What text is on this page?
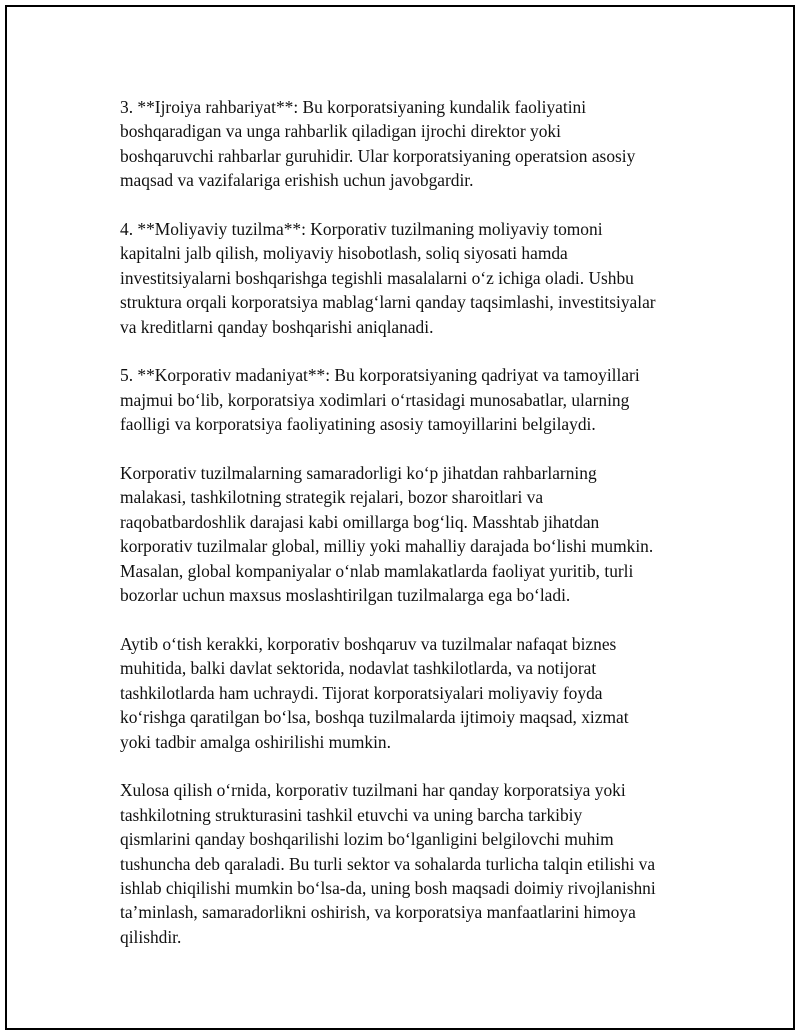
3. **Ijroiya rahbariyat**: Bu korporatsiyaning kundalik faoliyatini
boshqaradigan va unga rahbarlik qiladigan ijrochi direktor yoki
boshqaruvchi rahbarlar guruhidir. Ular korporatsiyaning operatsion asosiy
maqsad va vazifalariga erishish uchun javobgardir.

4. **Moliyaviy tuzilma**: Korporativ tuzilmaning moliyaviy tomoni
kapitalni jalb qilish, moliyaviy hisobotlash, soliq siyosati hamda
investitsiyalarni boshqarishga tegishli masalalarni o‘z ichiga oladi. Ushbu
struktura orqali korporatsiya mablag‘larni qanday taqsimlashi, investitsiyalar
va kreditlarni qanday boshqarishi aniqlanadi.

5. **Korporativ madaniyat**: Bu korporatsiyaning qadriyat va tamoyillari
majmui bo‘lib, korporatsiya xodimlari o‘rtasidagi munosabatlar, ularning
faolligi va korporatsiya faoliyatining asosiy tamoyillarini belgilaydi.

Korporativ tuzilmalarning samaradorligi ko‘p jihatdan rahbarlarning
malakasi, tashkilotning strategik rejalari, bozor sharoitlari va
raqobatbardoshlik darajasi kabi omillarga bog‘liq. Masshtab jihatdan
korporativ tuzilmalar global, milliy yoki mahalliy darajada bo‘lishi mumkin.
Masalan, global kompaniyalar o‘nlab mamlakatlarda faoliyat yuritib, turli
bozorlar uchun maxsus moslashtirilgan tuzilmalarga ega bo‘ladi.

Aytib o‘tish kerakki, korporativ boshqaruv va tuzilmalar nafaqat biznes
muhitida, balki davlat sektorida, nodavlat tashkilotlarda, va notijorat
tashkilotlarda ham uchraydi. Tijorat korporatsiyalari moliyaviy foyda
ko‘rishga qaratilgan bo‘lsa, boshqa tuzilmalarda ijtimoiy maqsad, xizmat
yoki tadbir amalga oshirilishi mumkin.

Xulosa qilish o‘rnida, korporativ tuzilmani har qanday korporatsiya yoki
tashkilotning strukturasini tashkil etuvchi va uning barcha tarkibiy
qismlarini qanday boshqarilishi lozim bo‘lganligini belgilovchi muhim
tushuncha deb qaraladi. Bu turli sektor va sohalarda turlicha talqin etilishi va
ishlab chiqilishi mumkin bo‘lsa-da, uning bosh maqsadi doimiy rivojlanishni
ta’minlash, samaradorlikni oshirish, va korporatsiya manfaatlarini himoya
qilishdir.
